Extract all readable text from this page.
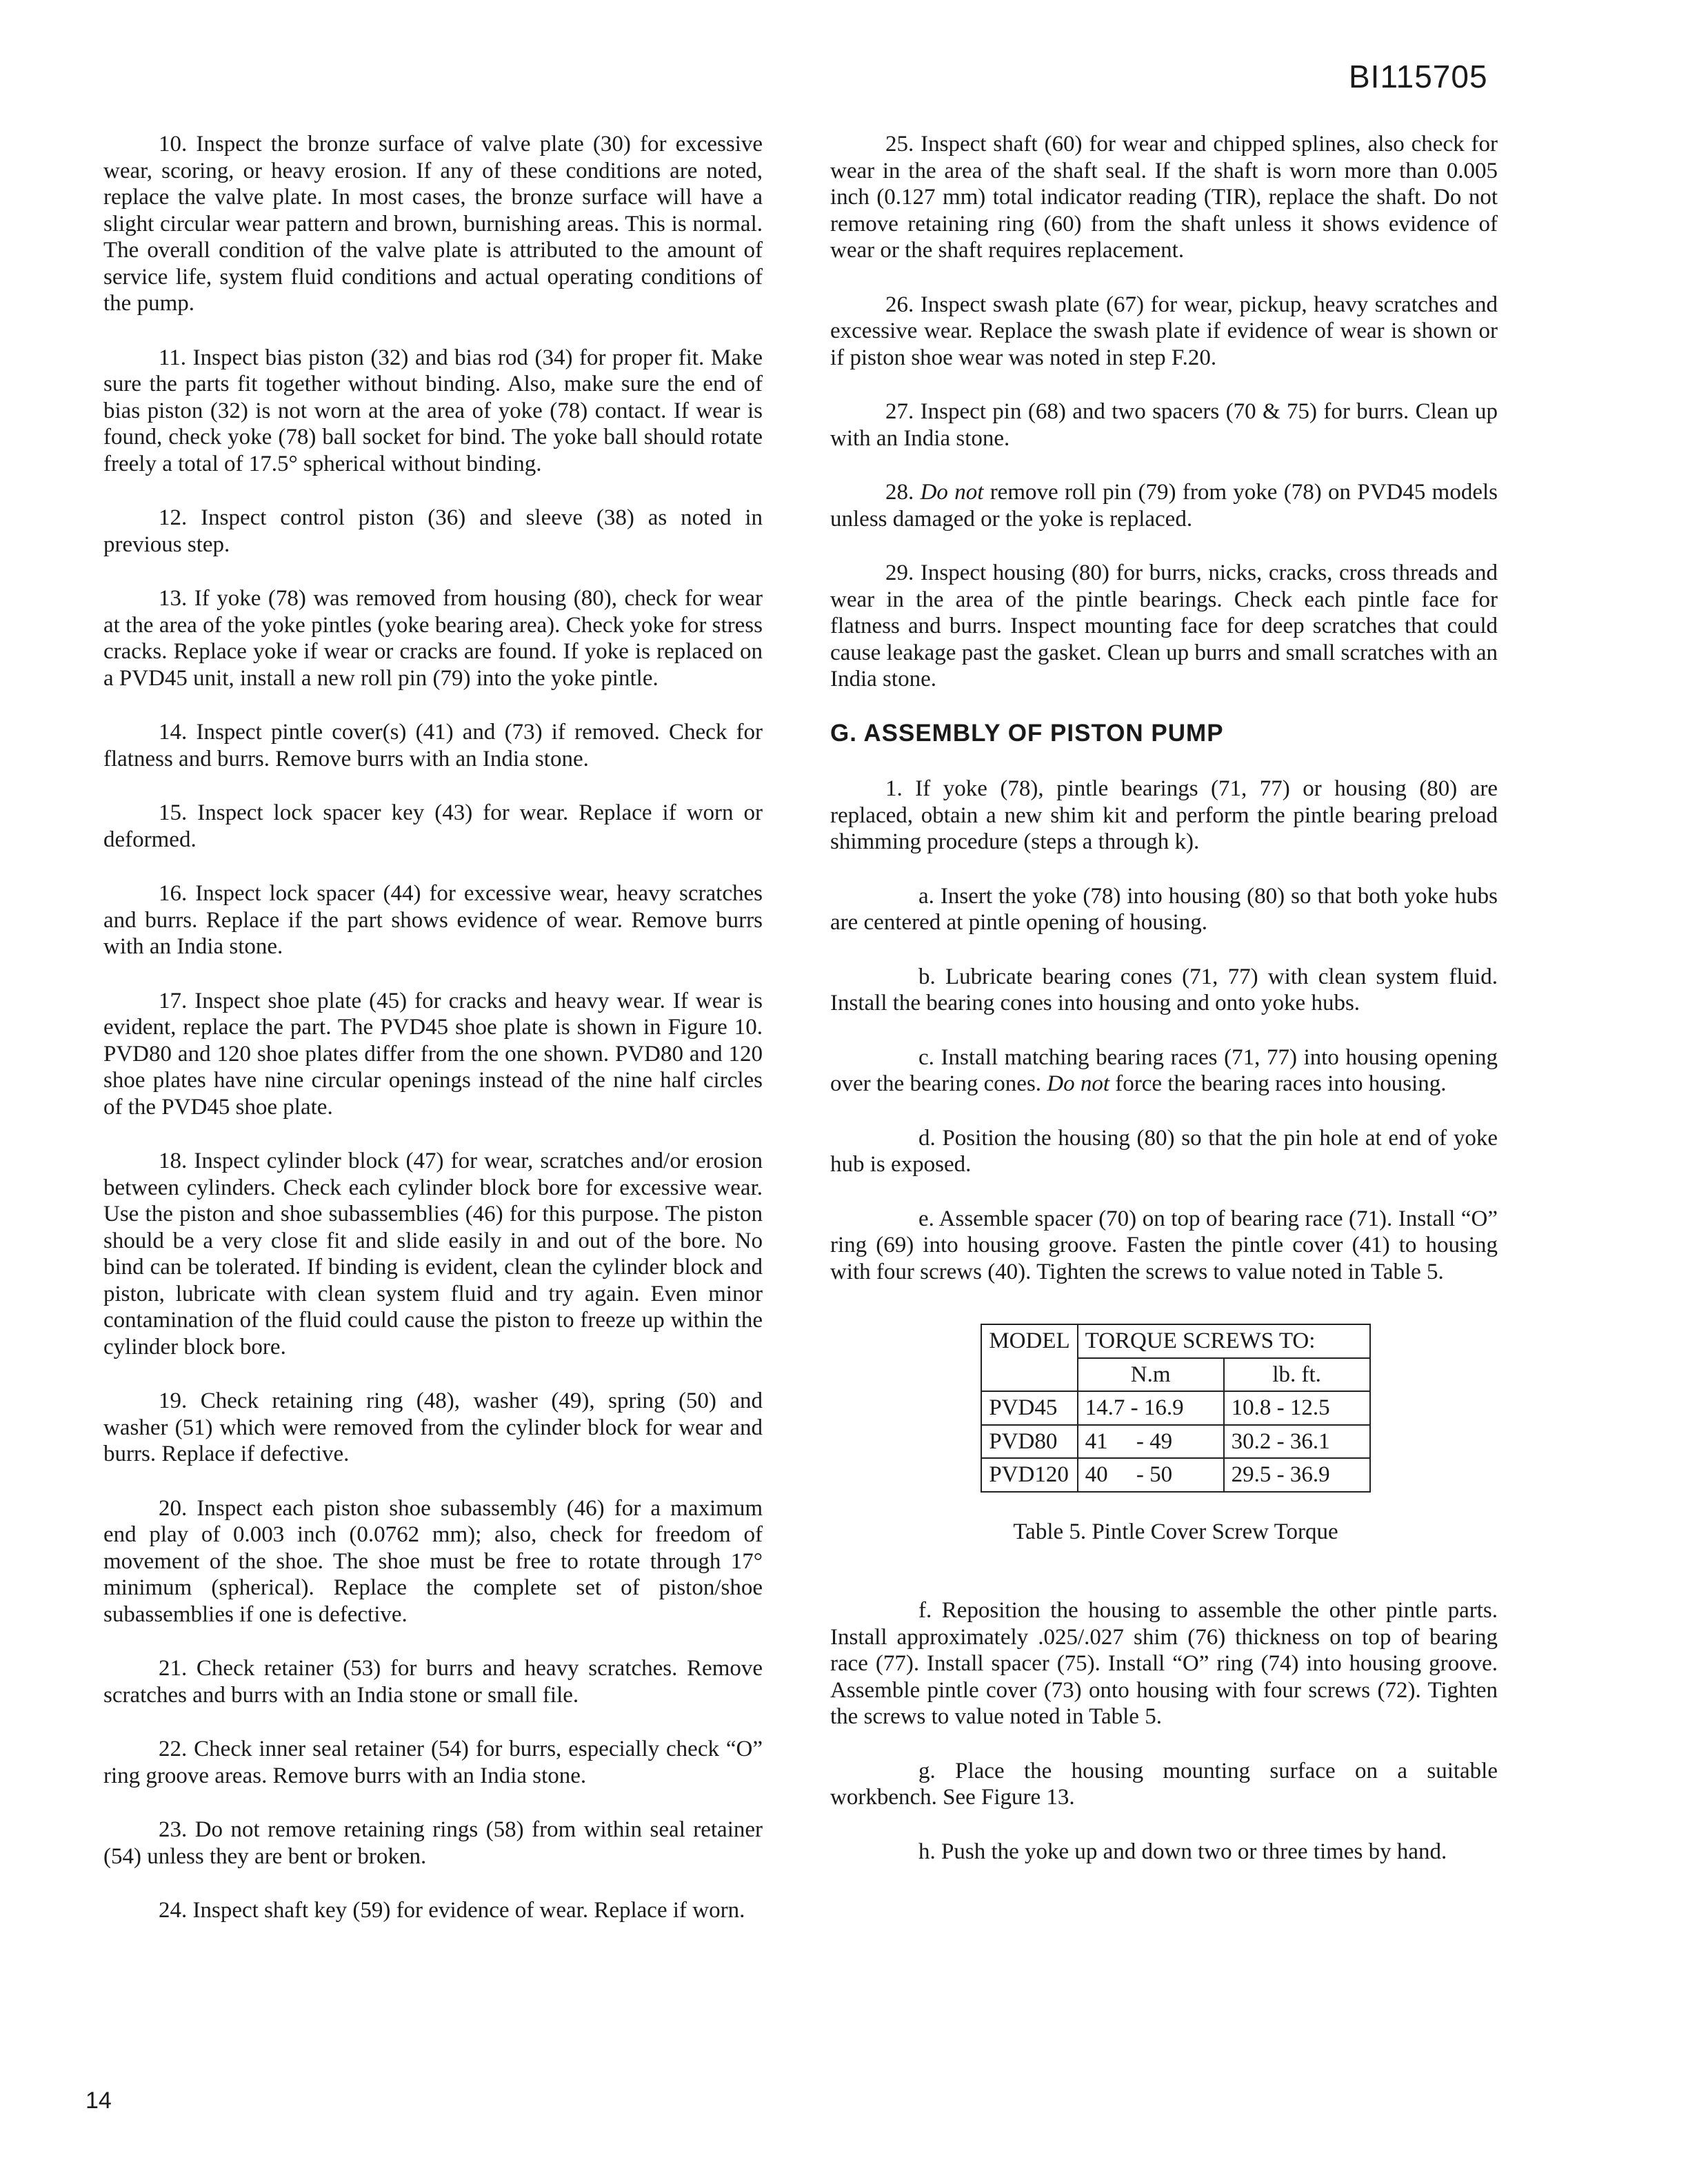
BI115705

10. Inspect the bronze surface of valve plate (30) for excessive wear, scoring, or heavy erosion. If any of these conditions are noted, replace the valve plate. In most cases, the bronze surface will have a slight circular wear pattern and brown, burnishing areas. This is normal. The overall condition of the valve plate is attributed to the amount of service life, system fluid conditions and actual operating conditions of the pump.

11. Inspect bias piston (32) and bias rod (34) for proper fit. Make sure the parts fit together without binding. Also, make sure the end of bias piston (32) is not worn at the area of yoke (78) contact. If wear is found, check yoke (78) ball socket for bind. The yoke ball should rotate freely a total of 17.5° spherical without binding.

12. Inspect control piston (36) and sleeve (38) as noted in previous step.

13. If yoke (78) was removed from housing (80), check for wear at the area of the yoke pintles (yoke bearing area). Check yoke for stress cracks. Replace yoke if wear or cracks are found. If yoke is replaced on a PVD45 unit, install a new roll pin (79) into the yoke pintle.

14. Inspect pintle cover(s) (41) and (73) if removed. Check for flatness and burrs. Remove burrs with an India stone.

15. Inspect lock spacer key (43) for wear. Replace if worn or deformed.

16. Inspect lock spacer (44) for excessive wear, heavy scratches and burrs. Replace if the part shows evidence of wear. Remove burrs with an India stone.

17. Inspect shoe plate (45) for cracks and heavy wear. If wear is evident, replace the part. The PVD45 shoe plate is shown in Figure 10. PVD80 and 120 shoe plates differ from the one shown. PVD80 and 120 shoe plates have nine circular openings instead of the nine half circles of the PVD45 shoe plate.

18. Inspect cylinder block (47) for wear, scratches and/or erosion between cylinders. Check each cylinder block bore for excessive wear. Use the piston and shoe subassemblies (46) for this purpose. The piston should be a very close fit and slide easily in and out of the bore. No bind can be tolerated. If binding is evident, clean the cylinder block and piston, lubricate with clean system fluid and try again. Even minor contamination of the fluid could cause the piston to freeze up within the cylinder block bore.

19. Check retaining ring (48), washer (49), spring (50) and washer (51) which were removed from the cylinder block for wear and burrs. Replace if defective.

20. Inspect each piston shoe subassembly (46) for a maximum end play of 0.003 inch (0.0762 mm); also, check for freedom of movement of the shoe. The shoe must be free to rotate through 17° minimum (spherical). Replace the complete set of piston/shoe subassemblies if one is defective.

21. Check retainer (53) for burrs and heavy scratches. Remove scratches and burrs with an India stone or small file.

22. Check inner seal retainer (54) for burrs, especially check “O” ring groove areas. Remove burrs with an India stone.

23. Do not remove retaining rings (58) from within seal retainer (54) unless they are bent or broken.

24. Inspect shaft key (59) for evidence of wear. Replace if worn.

25. Inspect shaft (60) for wear and chipped splines, also check for wear in the area of the shaft seal. If the shaft is worn more than 0.005 inch (0.127 mm) total indicator reading (TIR), replace the shaft. Do not remove retaining ring (60) from the shaft unless it shows evidence of wear or the shaft requires replacement.

26. Inspect swash plate (67) for wear, pickup, heavy scratches and excessive wear. Replace the swash plate if evidence of wear is shown or if piston shoe wear was noted in step F.20.

27. Inspect pin (68) and two spacers (70 & 75) for burrs. Clean up with an India stone.

28. Do not remove roll pin (79) from yoke (78) on PVD45 models unless damaged or the yoke is replaced.

29. Inspect housing (80) for burrs, nicks, cracks, cross threads and wear in the area of the pintle bearings. Check each pintle face for flatness and burrs. Inspect mounting face for deep scratches that could cause leakage past the gasket. Clean up burrs and small scratches with an India stone.

G. ASSEMBLY OF PISTON PUMP

1. If yoke (78), pintle bearings (71, 77) or housing (80) are replaced, obtain a new shim kit and perform the pintle bearing preload shimming procedure (steps a through k).

a. Insert the yoke (78) into housing (80) so that both yoke hubs are centered at pintle opening of housing.

b. Lubricate bearing cones (71, 77) with clean system fluid. Install the bearing cones into housing and onto yoke hubs.

c. Install matching bearing races (71, 77) into housing opening over the bearing cones. Do not force the bearing races into housing.

d. Position the housing (80) so that the pin hole at end of yoke hub is exposed.

e. Assemble spacer (70) on top of bearing race (71). Install “O” ring (69) into housing groove. Fasten the pintle cover (41) to housing with four screws (40). Tighten the screws to value noted in Table 5.

MODEL	TORQUE SCREWS TO:	
	N.m	lb. ft.
PVD45	14.7 - 16.9	10.8 - 12.5
PVD80	41     - 49	30.2 - 36.1
PVD120	40     - 50	29.5 - 36.9
Table 5. Pintle Cover Screw Torque

f. Reposition the housing to assemble the other pintle parts. Install approximately .025/.027 shim (76) thickness on top of bearing race (77). Install spacer (75). Install “O” ring (74) into housing groove. Assemble pintle cover (73) onto housing with four screws (72). Tighten the screws to value noted in Table 5.

g. Place the housing mounting surface on a suitable workbench. See Figure 13.

h. Push the yoke up and down two or three times by hand.

14
